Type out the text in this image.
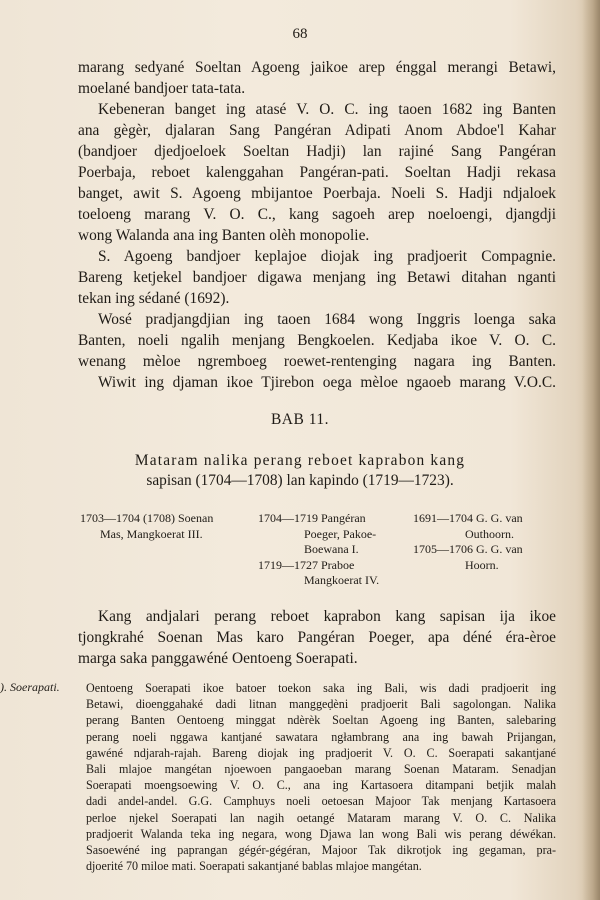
68
marang sedyané Soeltan Agoeng jaikoe arep énggal merangi Betawi,
moelané bandjoer tata-tata.
Kebeneran banget ing atasé V. O. C. ing taoen 1682 ing Banten
ana gègèr, djalaran Sang Pangéran Adipati Anom Abdoe'l Kahar
(bandjoer djedjoeloek Soeltan Hadji) lan rajiné Sang Pangéran
Poerbaja, reboet kalenggahan Pangéran-pati. Soeltan Hadji rekasa
banget, awit S. Agoeng mbijantoe Poerbaja. Noeli S. Hadji ndjaloek
toeloeng marang V. O. C., kang sagoeh arep noeloengi, djangdji
wong Walanda ana ing Banten olèh monopolie.
S. Agoeng bandjoer keplajoe diojak ing pradjoerit Compagnie.
Bareng ketjekel bandjoer digawa menjang ing Betawi ditahan nganti
tekan ing sédané (1692).
Wosé pradjangdjian ing taoen 1684 wong Inggris loenga saka
Banten, noeli ngalih menjang Bengkoelen. Kedjaba ikoe V. O. C.
wenang mèloe ngremboeg roewet-rentenging nagara ing Banten.
Wiwit ing djaman ikoe Tjirebon oega mèloe ngaoeb marang V.O.C.
BAB 11.
Mataram nalika perang reboet kaprabon kang
sapisan (1704—1708) lan kapindo (1719—1723).
1703—1704 (1708) Soenan
Mas, Mangkoerat III.
1704—1719 Pangéran
Poeger, Pakoe-
Boewana I.
1719—1727 Praboe
Mangkoerat IV.
1691—1704 G. G. van
Outhoorn.
1705—1706 G. G. van
Hoorn.
Kang andjalari perang reboet kaprabon kang sapisan ija ikoe
tjongkrahé Soenan Mas karo Pangéran Poeger, apa déné éra-èroe
marga saka panggawéné Oentoeng Soerapati.
). Soerapati. Oentoeng Soerapati ikoe batoer toekon saka ing Bali, wis dadi pradjoerit ing
Betawi, dioenggahaké dadi litnan manggeḍèni pradjoerit Bali sagolongan. Nalika
perang Banten Oentoeng minggat ndèrèk Soeltan Agoeng ing Banten, salebaring
perang noeli nggawa kantjané sawatara ngłambrang ana ing bawah Prijangan,
gawéné ndjarah-rajah. Bareng diojak ing pradjoerit V. O. C. Soerapati sakantjané
Bali mlajoe mangétan njoewoen pangaoeban marang Soenan Mataram. Senadjan
Soerapati moengsoewing V. O. C., ana ing Kartasoera ditampani betjik malah
dadi andel-andel. G.G. Camphuys noeli oetoesan Majoor Tak menjang Kartasoera
perloe njekel Soerapati lan nagih oetangé Mataram marang V. O. C. Nalika
pradjoerit Walanda teka ing negara, wong Djawa lan wong Bali wis perang déwékan.
Sasoewéné ing paprangan gégér-gégéran, Majoor Tak dikrotjok ing gegaman, pra-
djoerité 70 miloe mati. Soerapati sakantjané bablas mlajoe mangétan.
